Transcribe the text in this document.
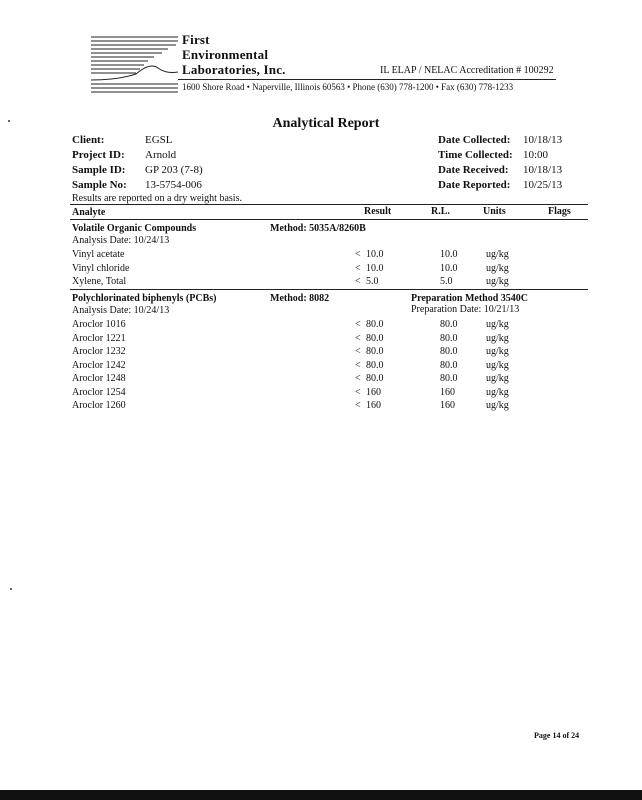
First
Environmental
Laboratories, Inc.	IL ELAP / NELAC Accreditation # 100292
1600 Shore Road • Naperville, Illinois 60563 • Phone (630) 778-1200 • Fax (630) 778-1233
Analytical Report
Client:	EGSL
Project ID: Arnold
Sample ID: GP 203 (7-8)
Sample No: 13-5754-006
Date Collected: 10/18/13
Time Collected: 10:00
Date Received: 10/18/13
Date Reported: 10/25/13
Results are reported on a dry weight basis.
Analyte	Result	R.L.	Units	Flags
Volatile Organic Compounds	Method: 5035A/8260B
Analysis Date: 10/24/13
Vinyl acetate	< 10.0	10.0	ug/kg
Vinyl chloride	< 10.0	10.0	ug/kg
Xylene, Total	< 5.0	5.0	ug/kg
Polychlorinated biphenyls (PCBs)	Method: 8082	Preparation Method 3540C
Analysis Date: 10/24/13	Preparation Date: 10/21/13
Aroclor 1016	< 80.0	80.0	ug/kg
Aroclor 1221	< 80.0	80.0	ug/kg
Aroclor 1232	< 80.0	80.0	ug/kg
Aroclor 1242	< 80.0	80.0	ug/kg
Aroclor 1248	< 80.0	80.0	ug/kg
Aroclor 1254	< 160	160	ug/kg
Aroclor 1260	< 160	160	ug/kg
Page 14 of 24
